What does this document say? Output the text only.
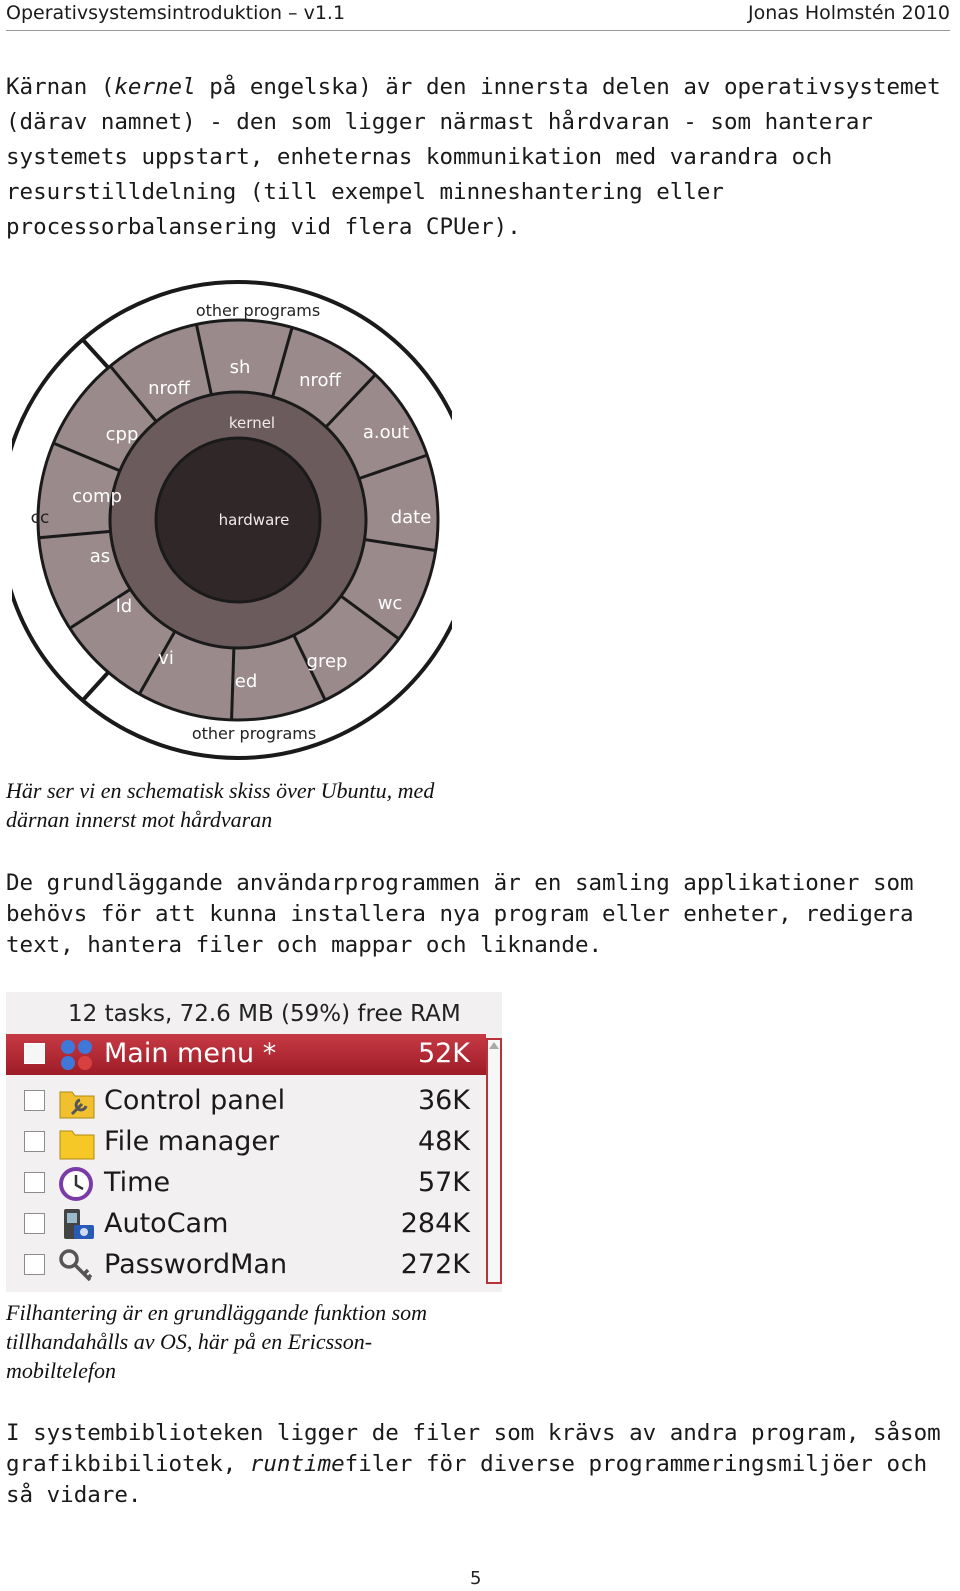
Operativsystemsintroduktion – v1.1	Jonas Holmstén 2010
Kärnan (kernel på engelska) är den innersta delen av operativsystemet (därav namnet) - den som ligger närmast hårdvaran - som hanterar systemets uppstart, enheternas kommunikation med varandra och resurstilldelning (till exempel minneshantering eller processorbalansering vid flera CPUer).
other programs
other programs
cc
kernel
hardware
sh
nroff
a.out
date
wc
grep
ed
vi
ld
as
comp
cpp
nroff
Här ser vi en schematisk skiss över Ubuntu, med
därnan innerst mot hårdvaran
De grundläggande användarprogrammen är en samling applikationer som behövs för att kunna installera nya program eller enheter, redigera text, hantera filer och mappar och liknande.
12 tasks, 72.6 MB (59%) free RAM
Main menu *	52K
Control panel	36K
File manager	48K
Time	57K
AutoCam	284K
PasswordMan	272K
Filhantering är en grundläggande funktion som
tillhandahålls av OS, här på en Ericsson-
mobiltelefon
I systembiblioteken ligger de filer som krävs av andra program, såsom grafikbibiliotek, runtimefiler för diverse programmeringsmiljöer och så vidare.
5
